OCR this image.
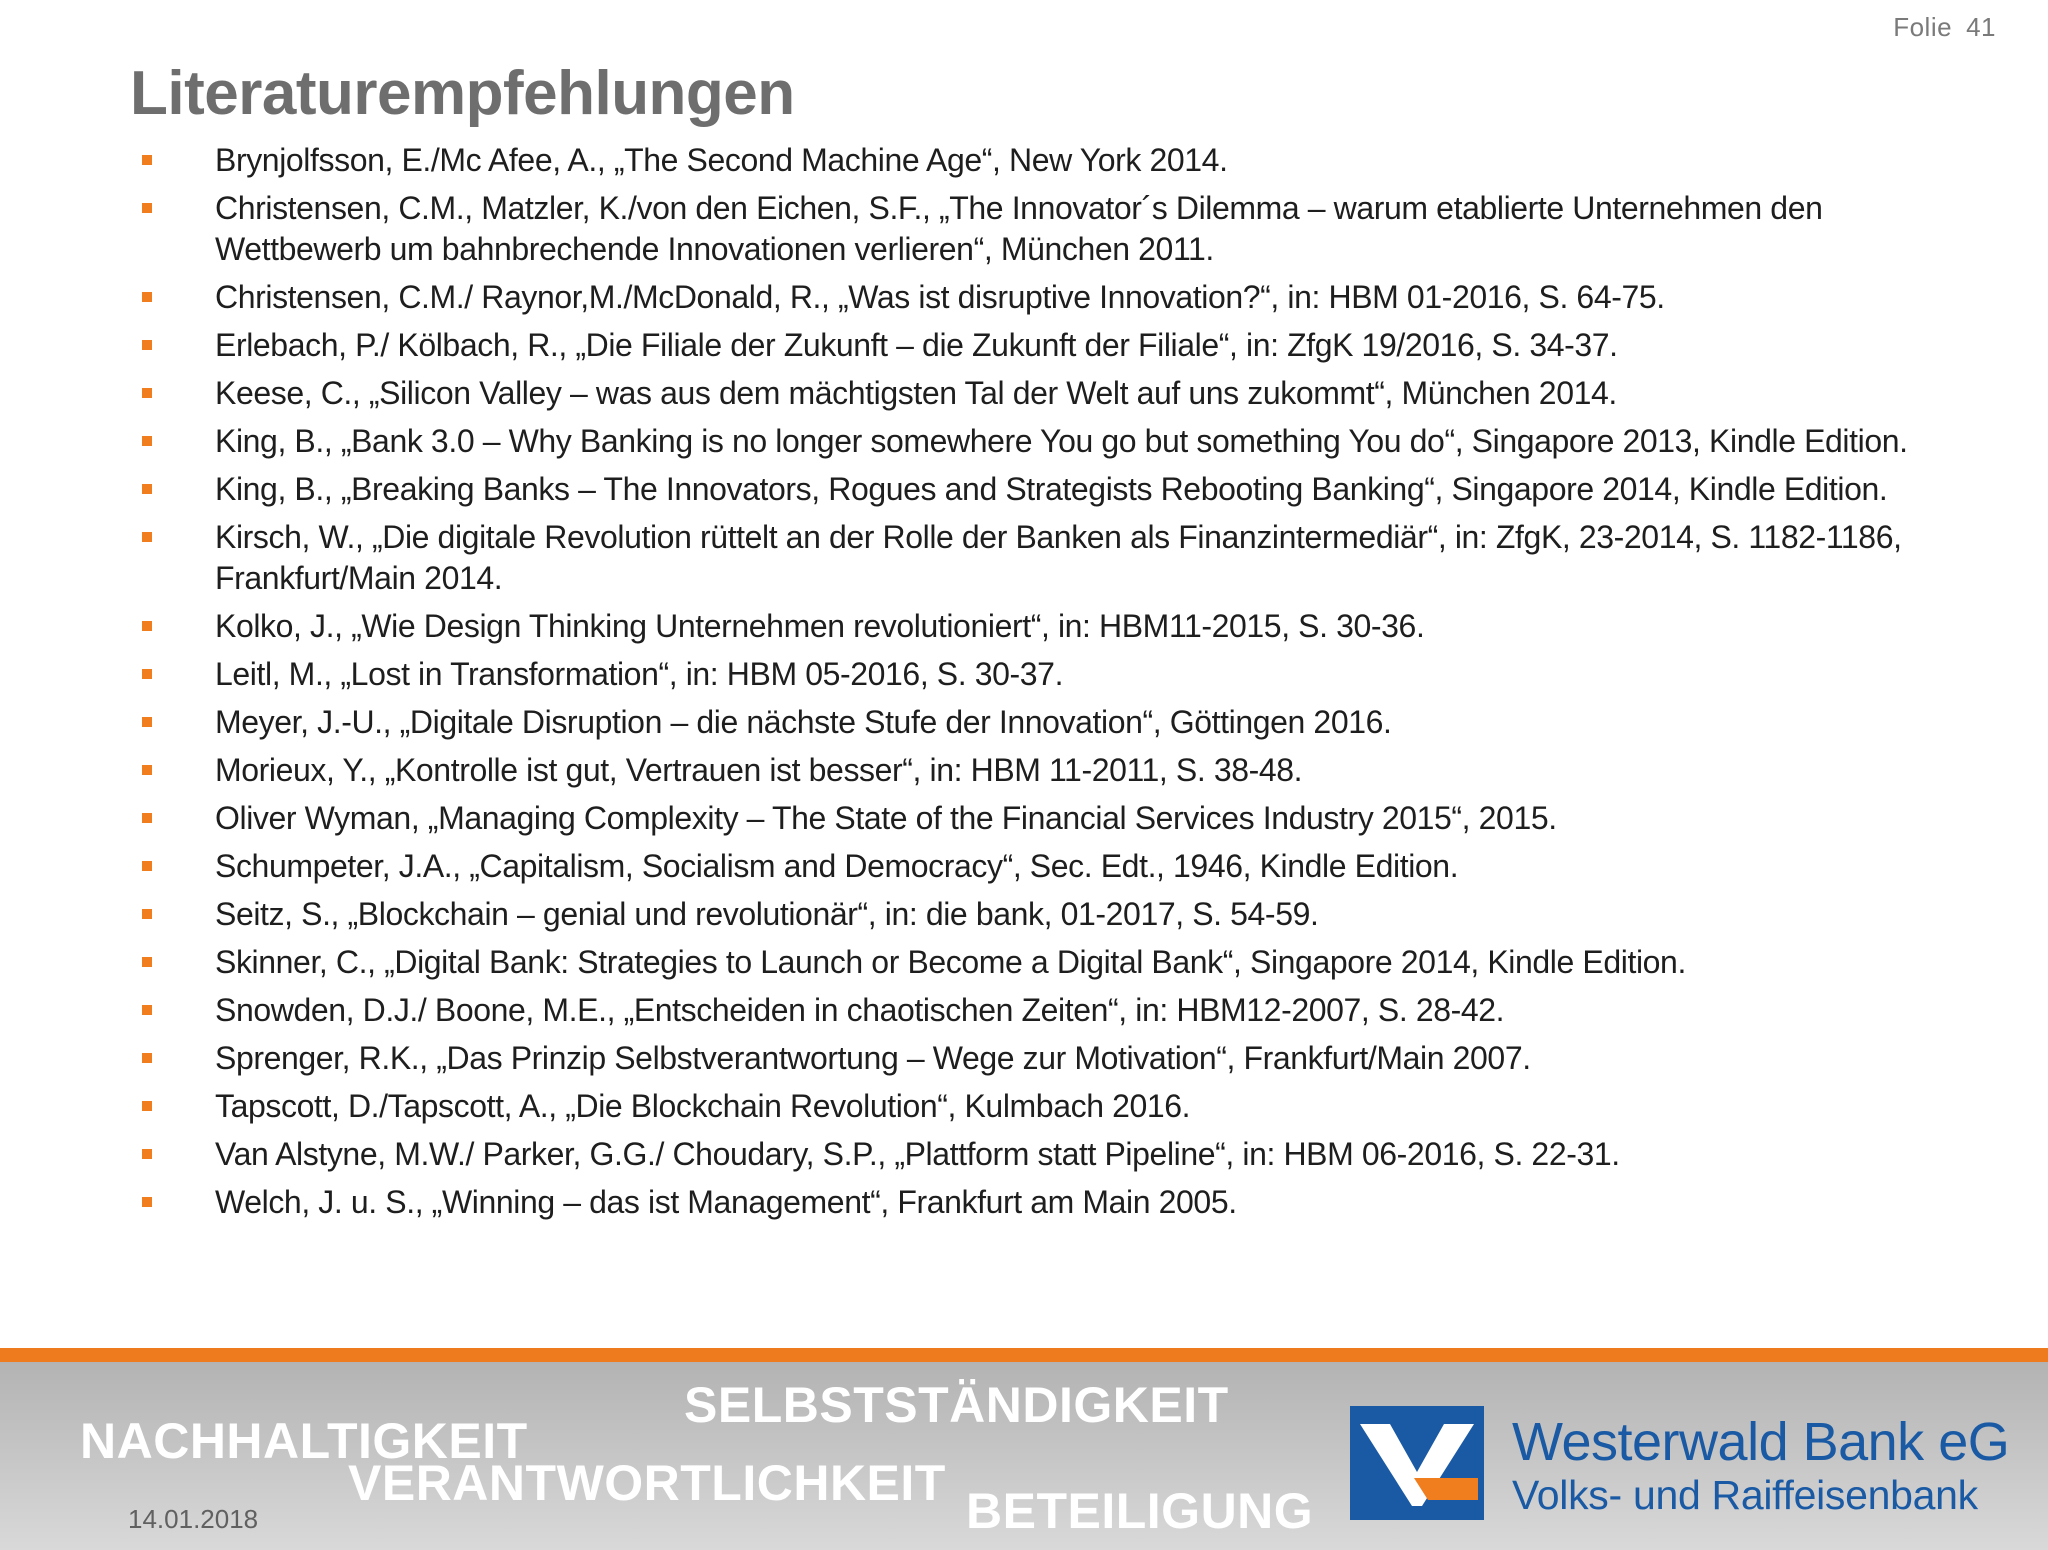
Folie 41
Literaturempfehlungen
Brynjolfsson, E./Mc Afee, A., „The Second Machine Age“, New York 2014.
Christensen, C.M., Matzler, K./von den Eichen, S.F., „The Innovator´s Dilemma – warum etablierte Unternehmen den Wettbewerb um bahnbrechende Innovationen verlieren“, München 2011.
Christensen, C.M./ Raynor,M./McDonald, R., „Was ist disruptive Innovation?“, in: HBM 01-2016, S. 64-75.
Erlebach, P./ Kölbach, R., „Die Filiale der Zukunft – die Zukunft der Filiale“, in: ZfgK 19/2016, S. 34-37.
Keese, C., „Silicon Valley – was aus dem mächtigsten Tal der Welt auf uns zukommt“, München 2014.
King, B., „Bank 3.0 – Why Banking is no longer somewhere You go but something You do“, Singapore 2013, Kindle Edition.
King, B., „Breaking Banks – The Innovators, Rogues and Strategists Rebooting Banking“, Singapore 2014, Kindle Edition.
Kirsch, W., „Die digitale Revolution rüttelt an der Rolle der Banken als Finanzintermediär“, in: ZfgK, 23-2014, S. 1182-1186, Frankfurt/Main 2014.
Kolko, J., „Wie Design Thinking Unternehmen revolutioniert“, in: HBM11-2015, S. 30-36.
Leitl, M., „Lost in Transformation“, in: HBM 05-2016, S. 30-37.
Meyer, J.-U., „Digitale Disruption – die nächste Stufe der Innovation“, Göttingen 2016.
Morieux, Y., „Kontrolle ist gut, Vertrauen ist besser“, in: HBM 11-2011, S. 38-48.
Oliver Wyman, „Managing Complexity – The State of the Financial Services Industry 2015“, 2015.
Schumpeter, J.A., „Capitalism, Socialism and Democracy“, Sec. Edt., 1946, Kindle Edition.
Seitz, S., „Blockchain – genial und revolutionär“, in: die bank, 01-2017, S. 54-59.
Skinner, C., „Digital Bank: Strategies to Launch or Become a Digital Bank“, Singapore 2014, Kindle Edition.
Snowden, D.J./ Boone, M.E., „Entscheiden in chaotischen Zeiten“, in: HBM12-2007, S. 28-42.
Sprenger, R.K., „Das Prinzip Selbstverantwortung – Wege zur Motivation“, Frankfurt/Main 2007.
Tapscott, D./Tapscott, A., „Die Blockchain Revolution“, Kulmbach 2016.
Van Alstyne, M.W./ Parker, G.G./ Choudary, S.P., „Plattform statt Pipeline“, in: HBM 06-2016, S. 22-31.
Welch, J. u. S., „Winning – das ist Management“, Frankfurt am Main 2005.
NACHHALTIGKEIT
SELBSTSTÄNDIGKEIT
VERANTWORTLICHKEIT BETEILIGUNG
14.01.2018
Westerwald Bank eG
Volks- und Raiffeisenbank
